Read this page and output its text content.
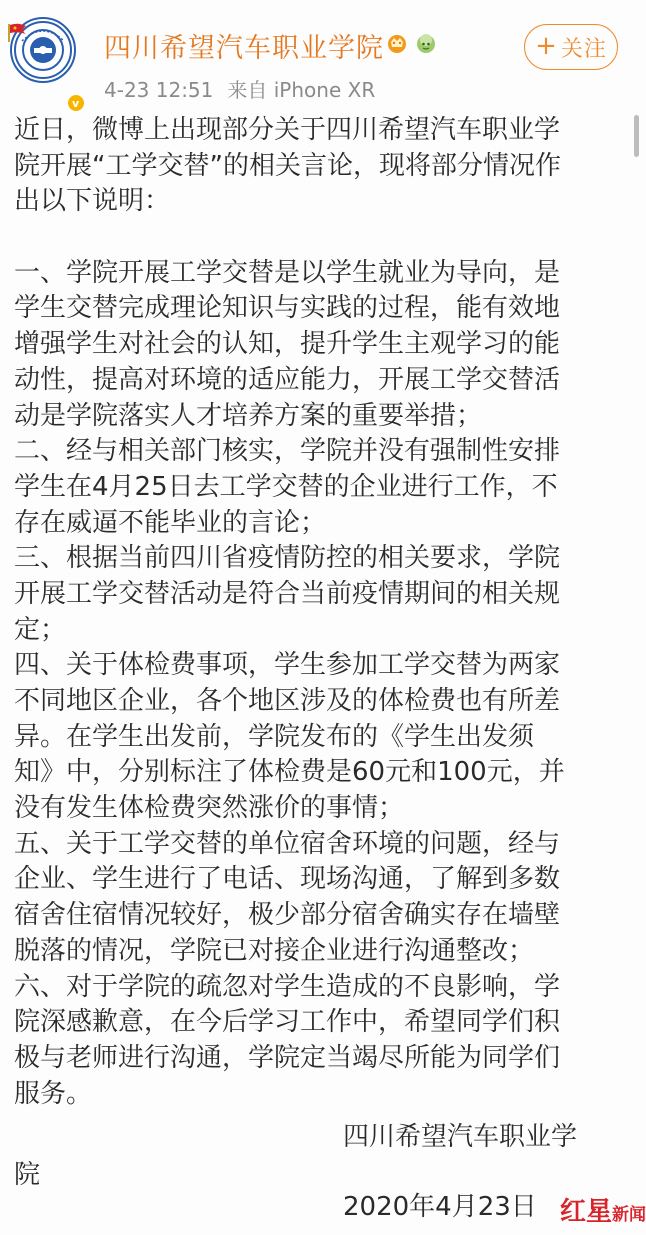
v
四川希望汽车职业学院
4-23 12:51 来自 iPhone XR
+ 关注
近日，微博上出现部分关于四川希望汽车职业学
院开展“工学交替”的相关言论，现将部分情况作
出以下说明：
一、学院开展工学交替是以学生就业为导向，是
学生交替完成理论知识与实践的过程，能有效地
增强学生对社会的认知，提升学生主观学习的能
动性，提高对环境的适应能力，开展工学交替活
动是学院落实人才培养方案的重要举措；
二、经与相关部门核实，学院并没有强制性安排
学生在4月25日去工学交替的企业进行工作，不
存在威逼不能毕业的言论；
三、根据当前四川省疫情防控的相关要求，学院
开展工学交替活动是符合当前疫情期间的相关规
定；
四、关于体检费事项，学生参加工学交替为两家
不同地区企业，各个地区涉及的体检费也有所差
异。在学生出发前，学院发布的《学生出发须
知》中，分别标注了体检费是60元和100元，并
没有发生体检费突然涨价的事情；
五、关于工学交替的单位宿舍环境的问题，经与
企业、学生进行了电话、现场沟通，了解到多数
宿舍住宿情况较好，极少部分宿舍确实存在墙壁
脱落的情况，学院已对接企业进行沟通整改；
六、对于学院的疏忽对学生造成的不良影响，学
院深感歉意，在今后学习工作中，希望同学们积
极与老师进行沟通，学院定当竭尽所能为同学们
服务。
四川希望汽车职业学
院
2020年4月23日 红星新闻
